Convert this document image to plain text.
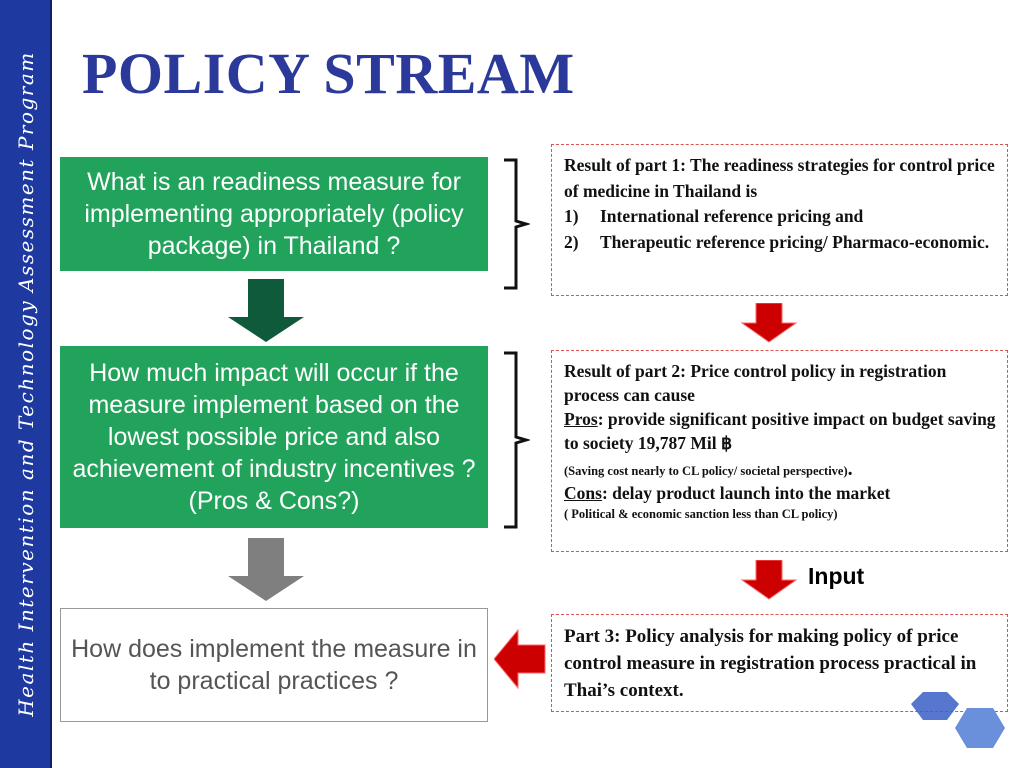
Health Intervention and Technology Assessment Program POLICY STREAM
What is an readiness measure for implementing appropriately (policy package) in Thailand ?
How much impact will occur if the measure implement based on the lowest possible price and also achievement of industry incentives ? (Pros & Cons?)
How does implement the measure in to practical practices ?
Result of part 1: The readiness strategies for control price of medicine in Thailand is
1)	International reference pricing and
2)	Therapeutic reference pricing/ Pharmaco-economic.
Result of part 2: Price control policy in registration process can cause
Pros: provide significant positive impact on budget saving to society 19,787 Mil ฿
(Saving cost nearly to CL policy/ societal perspective).
Cons: delay product launch into the market
( Political & economic sanction less than CL policy)
Input
Part 3: Policy analysis for making policy of price control measure in registration process practical in Thai’s context.
